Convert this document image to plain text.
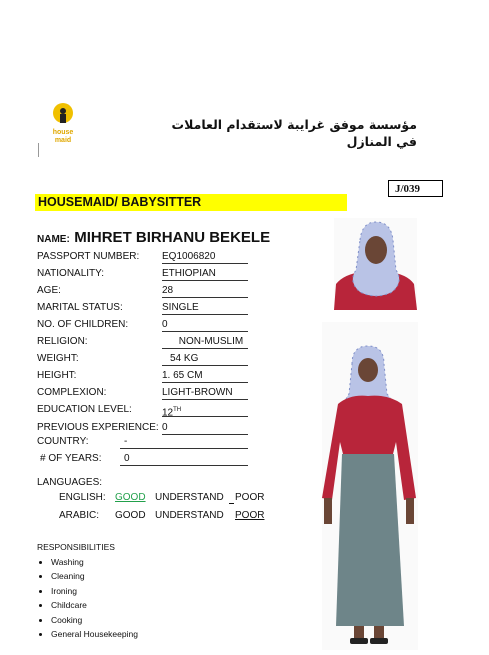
house
maid
مؤسسة موفق غرايبة لاستقدام العاملات
في المنازل
J/039
HOUSEMAID/ BABYSITTER
NAME: MIHRET BIRHANU BEKELE
PASSPORT NUMBER: EQ1006820
NATIONALITY:	ETHIOPIAN
AGE:	28
MARITAL STATUS:	SINGLE
NO. OF CHILDREN:	0
RELIGION:	NON-MUSLIM
WEIGHT:	54 KG
HEIGHT:	1. 65 CM
COMPLEXION:	LIGHT-BROWN
EDUCATION LEVEL:	12TH
PREVIOUS EXPERIENCE: 0
COUNTRY:	-
# OF YEARS:	0
LANGUAGES:
ENGLISH: GOOD UNDERSTAND POOR
ARABIC: GOOD UNDERSTAND POOR
RESPONSIBILITIES
• Washing
• Cleaning
• Ironing
• Childcare
• Cooking
• General Housekeeping
